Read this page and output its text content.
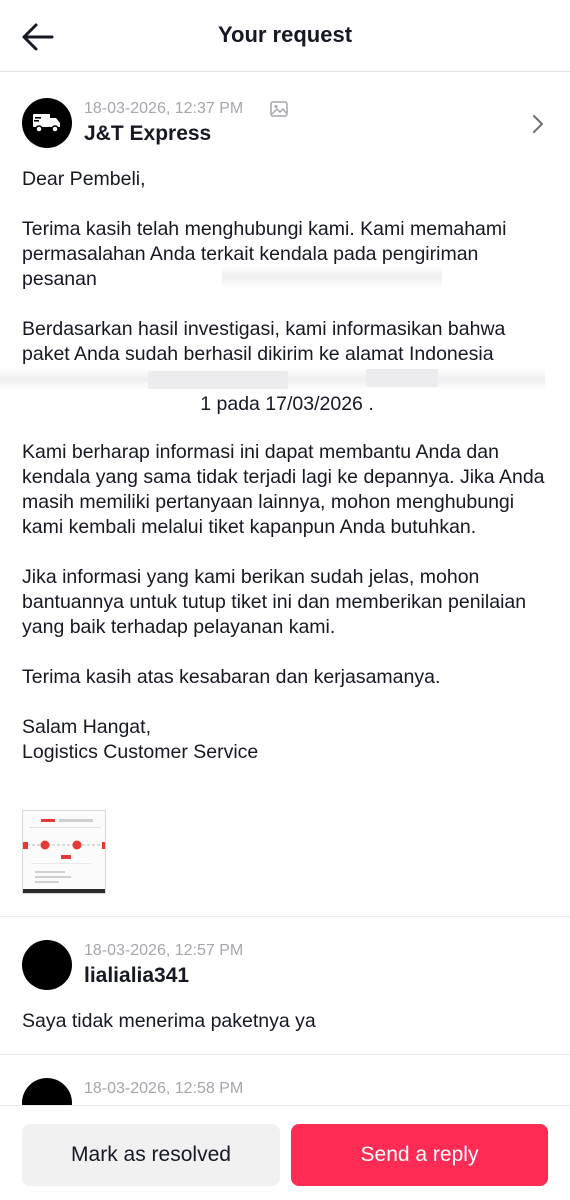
Your request
18-03-2026, 12:37 PM
J&T Express
Dear Pembeli,
Terima kasih telah menghubungi kami. Kami memahami permasalahan Anda terkait kendala pada pengiriman pesanan
Berdasarkan hasil investigasi, kami informasikan bahwa paket Anda sudah berhasil dikirim ke alamat Indonesia
1 pada 17/03/2026 .
Kami berharap informasi ini dapat membantu Anda dan kendala yang sama tidak terjadi lagi ke depannya. Jika Anda masih memiliki pertanyaan lainnya, mohon menghubungi kami kembali melalui tiket kapanpun Anda butuhkan.
Jika informasi yang kami berikan sudah jelas, mohon bantuannya untuk tutup tiket ini dan memberikan penilaian yang baik terhadap pelayanan kami.
Terima kasih atas kesabaran dan kerjasamanya.
Salam Hangat,
Logistics Customer Service
18-03-2026, 12:57 PM
lialialia341
Saya tidak menerima paketnya ya
18-03-2026, 12:58 PM
Mark as resolved	Send a reply
